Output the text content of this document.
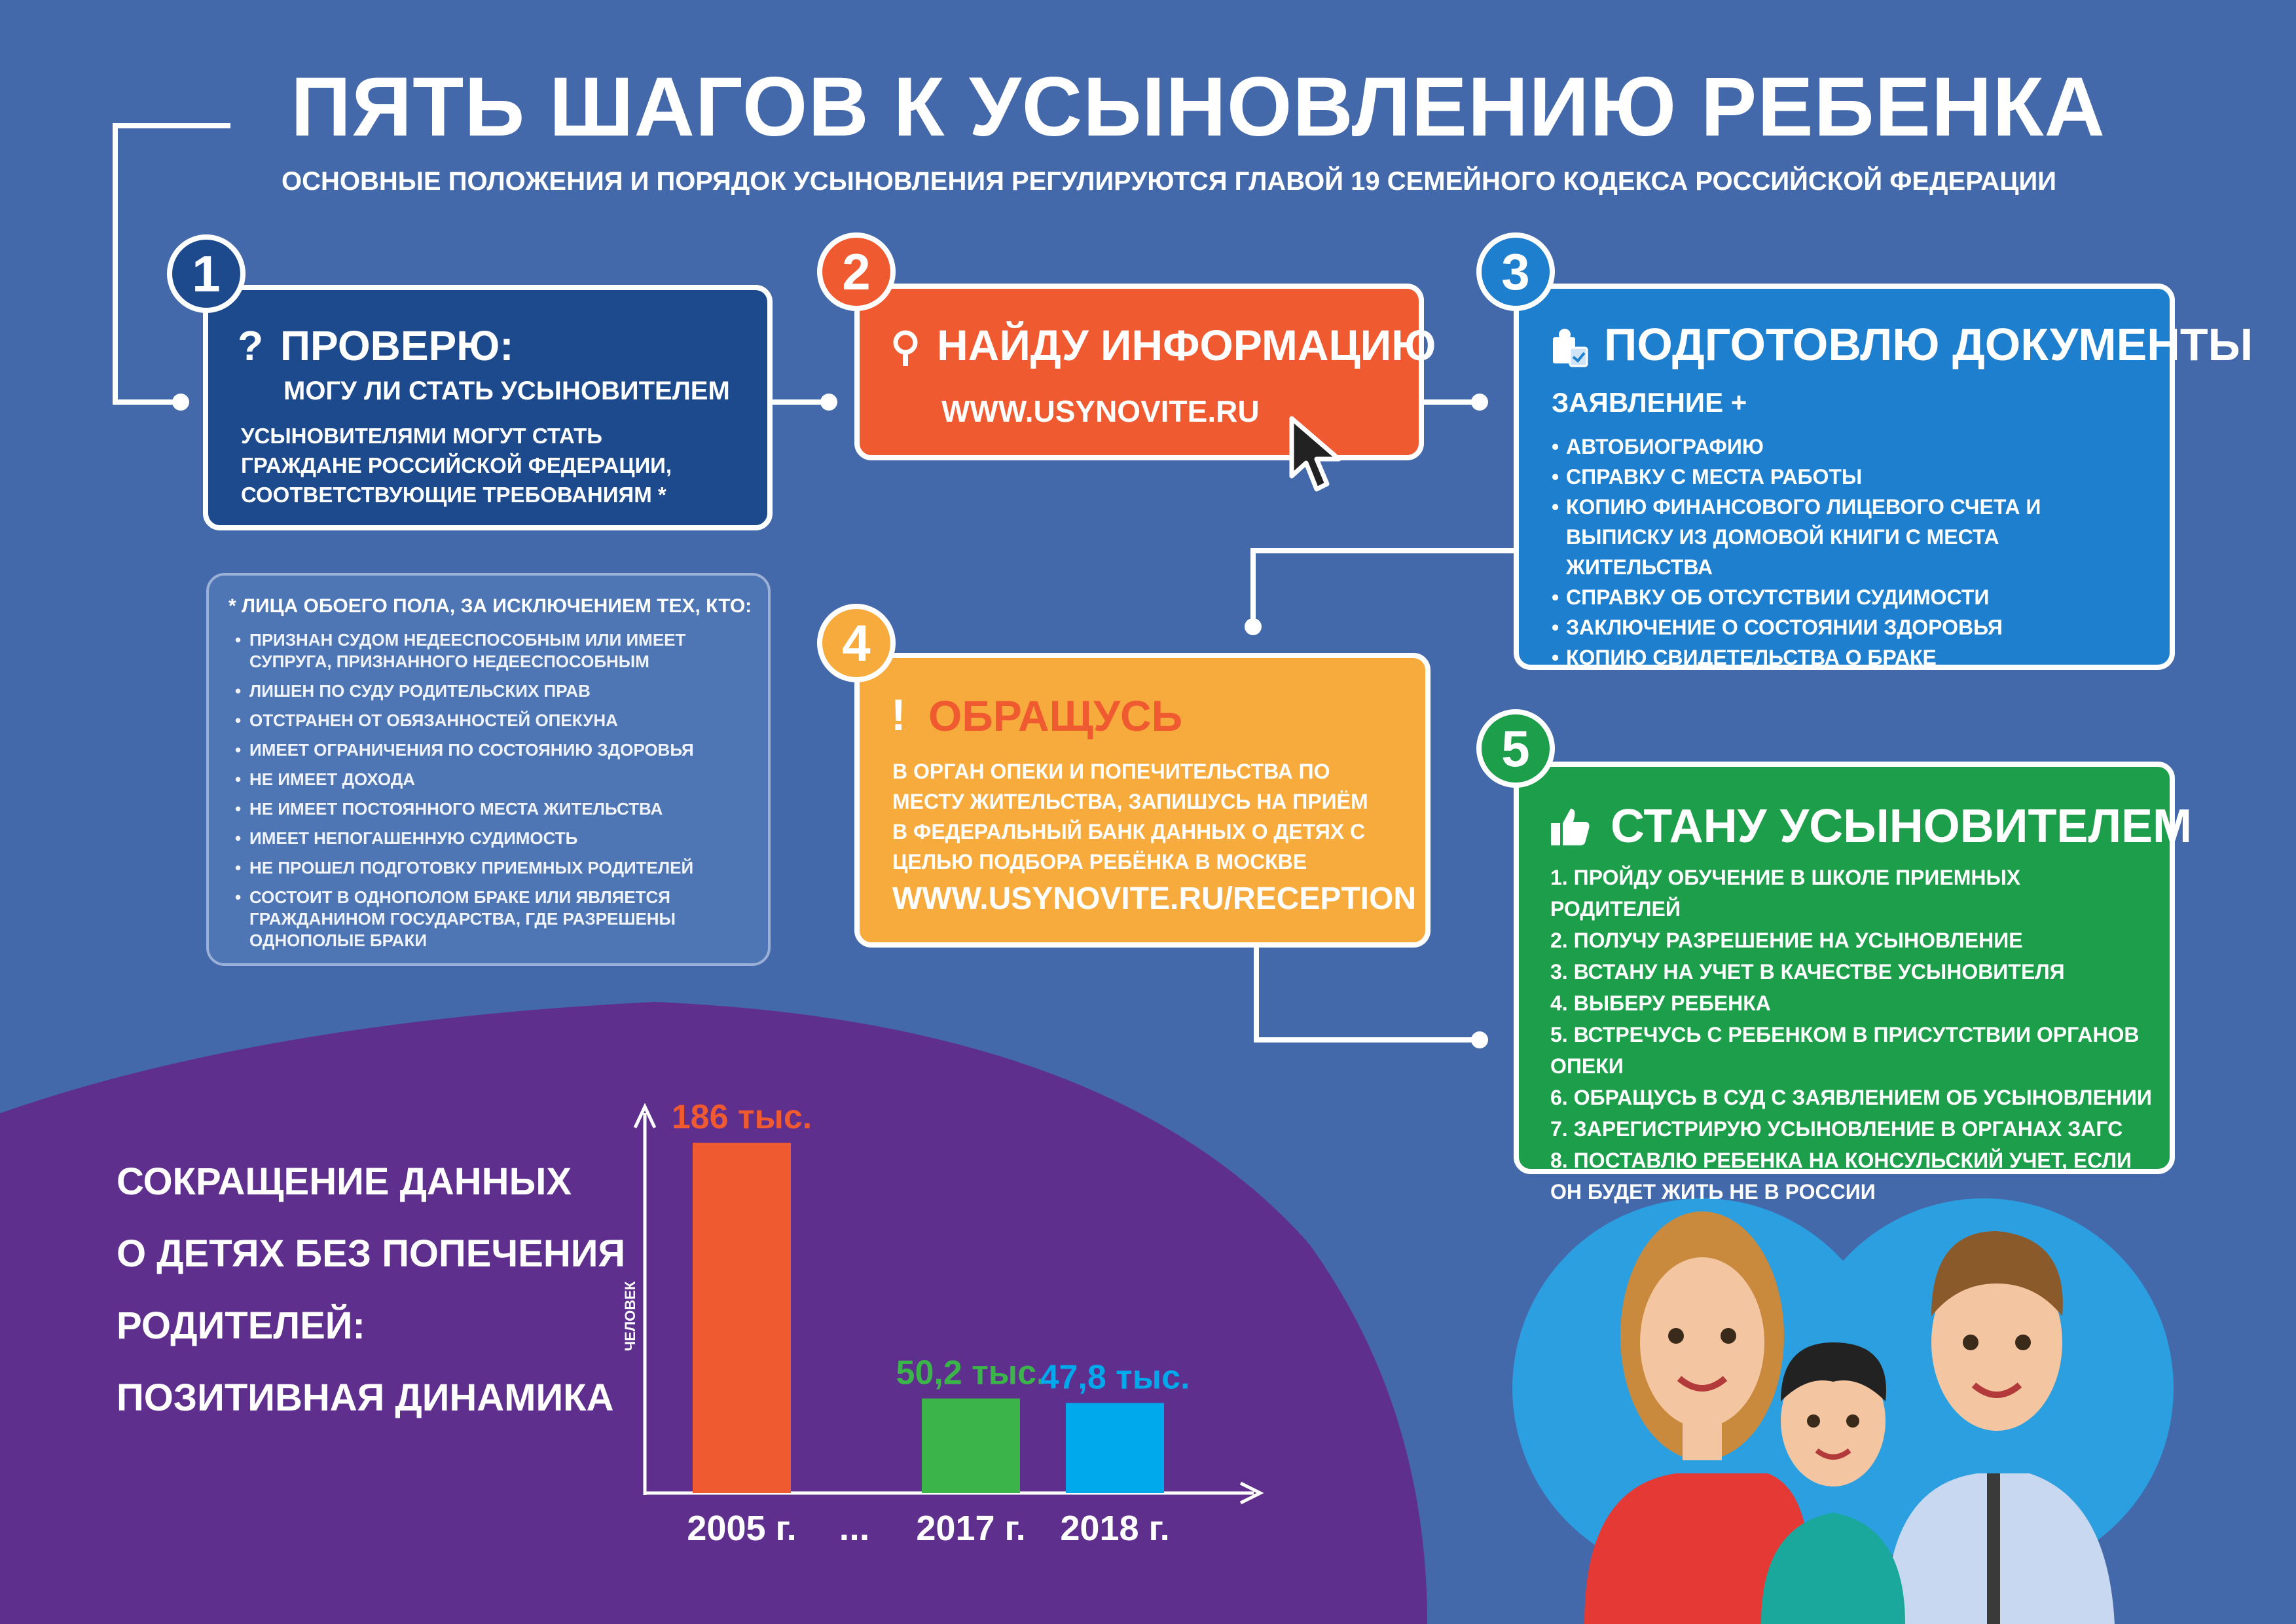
ПЯТЬ ШАГОВ К УСЫНОВЛЕНИЮ РЕБЕНКА
ОСНОВНЫЕ ПОЛОЖЕНИЯ И ПОРЯДОК УСЫНОВЛЕНИЯ РЕГУЛИРУЮТСЯ ГЛАВОЙ 19 СЕМЕЙНОГО КОДЕКСА РОССИЙСКОЙ ФЕДЕРАЦИИ
? ПРОВЕРЮ:
МОГУ ЛИ СТАТЬ УСЫНОВИТЕЛЕМ
УСЫНОВИТЕЛЯМИ МОГУТ СТАТЬ ГРАЖДАНЕ РОССИЙСКОЙ ФЕДЕРАЦИИ, СООТВЕТСТВУЮЩИЕ ТРЕБОВАНИЯМ *
1
* ЛИЦА ОБОЕГО ПОЛА, ЗА ИСКЛЮЧЕНИЕМ ТЕХ, КТО:
• ПРИЗНАН СУДОМ НЕДЕЕСПОСОБНЫМ ИЛИ ИМЕЕТ СУПРУГА, ПРИЗНАННОГО НЕДЕЕСПОСОБНЫМ
• ЛИШЕН ПО СУДУ РОДИТЕЛЬСКИХ ПРАВ
• ОТСТРАНЕН ОТ ОБЯЗАННОСТЕЙ ОПЕКУНА
• ИМЕЕТ ОГРАНИЧЕНИЯ ПО СОСТОЯНИЮ ЗДОРОВЬЯ
• НЕ ИМЕЕТ ДОХОДА
• НЕ ИМЕЕТ ПОСТОЯННОГО МЕСТА ЖИТЕЛЬСТВА
• ИМЕЕТ НЕПОГАШЕННУЮ СУДИМОСТЬ
• НЕ ПРОШЕЛ ПОДГОТОВКУ ПРИЕМНЫХ РОДИТЕЛЕЙ
• СОСТОИТ В ОДНОПОЛОМ БРАКЕ ИЛИ ЯВЛЯЕТСЯ ГРАЖДАНИНОМ ГОСУДАРСТВА, ГДЕ РАЗРЕШЕНЫ ОДНОПОЛЫЕ БРАКИ
НАЙДУ ИНФОРМАЦИЮ
WWW.USYNOVITE.RU
2
ПОДГОТОВЛЮ ДОКУМЕНТЫ
ЗАЯВЛЕНИЕ +
• АВТОБИОГРАФИЮ
• СПРАВКУ С МЕСТА РАБОТЫ
• КОПИЮ ФИНАНСОВОГО ЛИЦЕВОГО СЧЕТА И ВЫПИСКУ ИЗ ДОМОВОЙ КНИГИ С МЕСТА ЖИТЕЛЬСТВА
• СПРАВКУ ОБ ОТСУТСТВИИ СУДИМОСТИ
• ЗАКЛЮЧЕНИЕ О СОСТОЯНИИ ЗДОРОВЬЯ
• КОПИЮ СВИДЕТЕЛЬСТВА О БРАКЕ
3
! ОБРАЩУСЬ
В ОРГАН ОПЕКИ И ПОПЕЧИТЕЛЬСТВА ПО МЕСТУ ЖИТЕЛЬСТВА, ЗАПИШУСЬ НА ПРИЁМ
В ФЕДЕРАЛЬНЫЙ БАНК ДАННЫХ О ДЕТЯХ С ЦЕЛЬЮ ПОДБОРА РЕБЁНКА В МОСКВЕ
WWW.USYNOVITE.RU/RECEPTION
4
СТАНУ УСЫНОВИТЕЛЕМ
1. ПРОЙДУ ОБУЧЕНИЕ В ШКОЛЕ ПРИЕМНЫХ РОДИТЕЛЕЙ
2. ПОЛУЧУ РАЗРЕШЕНИЕ НА УСЫНОВЛЕНИЕ
3. ВСТАНУ НА УЧЕТ В КАЧЕСТВЕ УСЫНОВИТЕЛЯ
4. ВЫБЕРУ РЕБЕНКА
5. ВСТРЕЧУСЬ С РЕБЕНКОМ В ПРИСУТСТВИИ ОРГАНОВ ОПЕКИ
6. ОБРАЩУСЬ В СУД С ЗАЯВЛЕНИЕМ ОБ УСЫНОВЛЕНИИ
7. ЗАРЕГИСТРИРУЮ УСЫНОВЛЕНИЕ В ОРГАНАХ ЗАГС
8. ПОСТАВЛЮ РЕБЕНКА НА КОНСУЛЬСКИЙ УЧЕТ, ЕСЛИ ОН БУДЕТ ЖИТЬ НЕ В РОССИИ
5
СОКРАЩЕНИЕ ДАННЫХ
О ДЕТЯХ БЕЗ ПОПЕЧЕНИЯ
РОДИТЕЛЕЙ:
ПОЗИТИВНАЯ ДИНАМИКА
ЧЕЛОВЕК
186 тыс.
2005 г.
50,2 тыс.
2017 г.
47,8 тыс.
2018 г.
...
